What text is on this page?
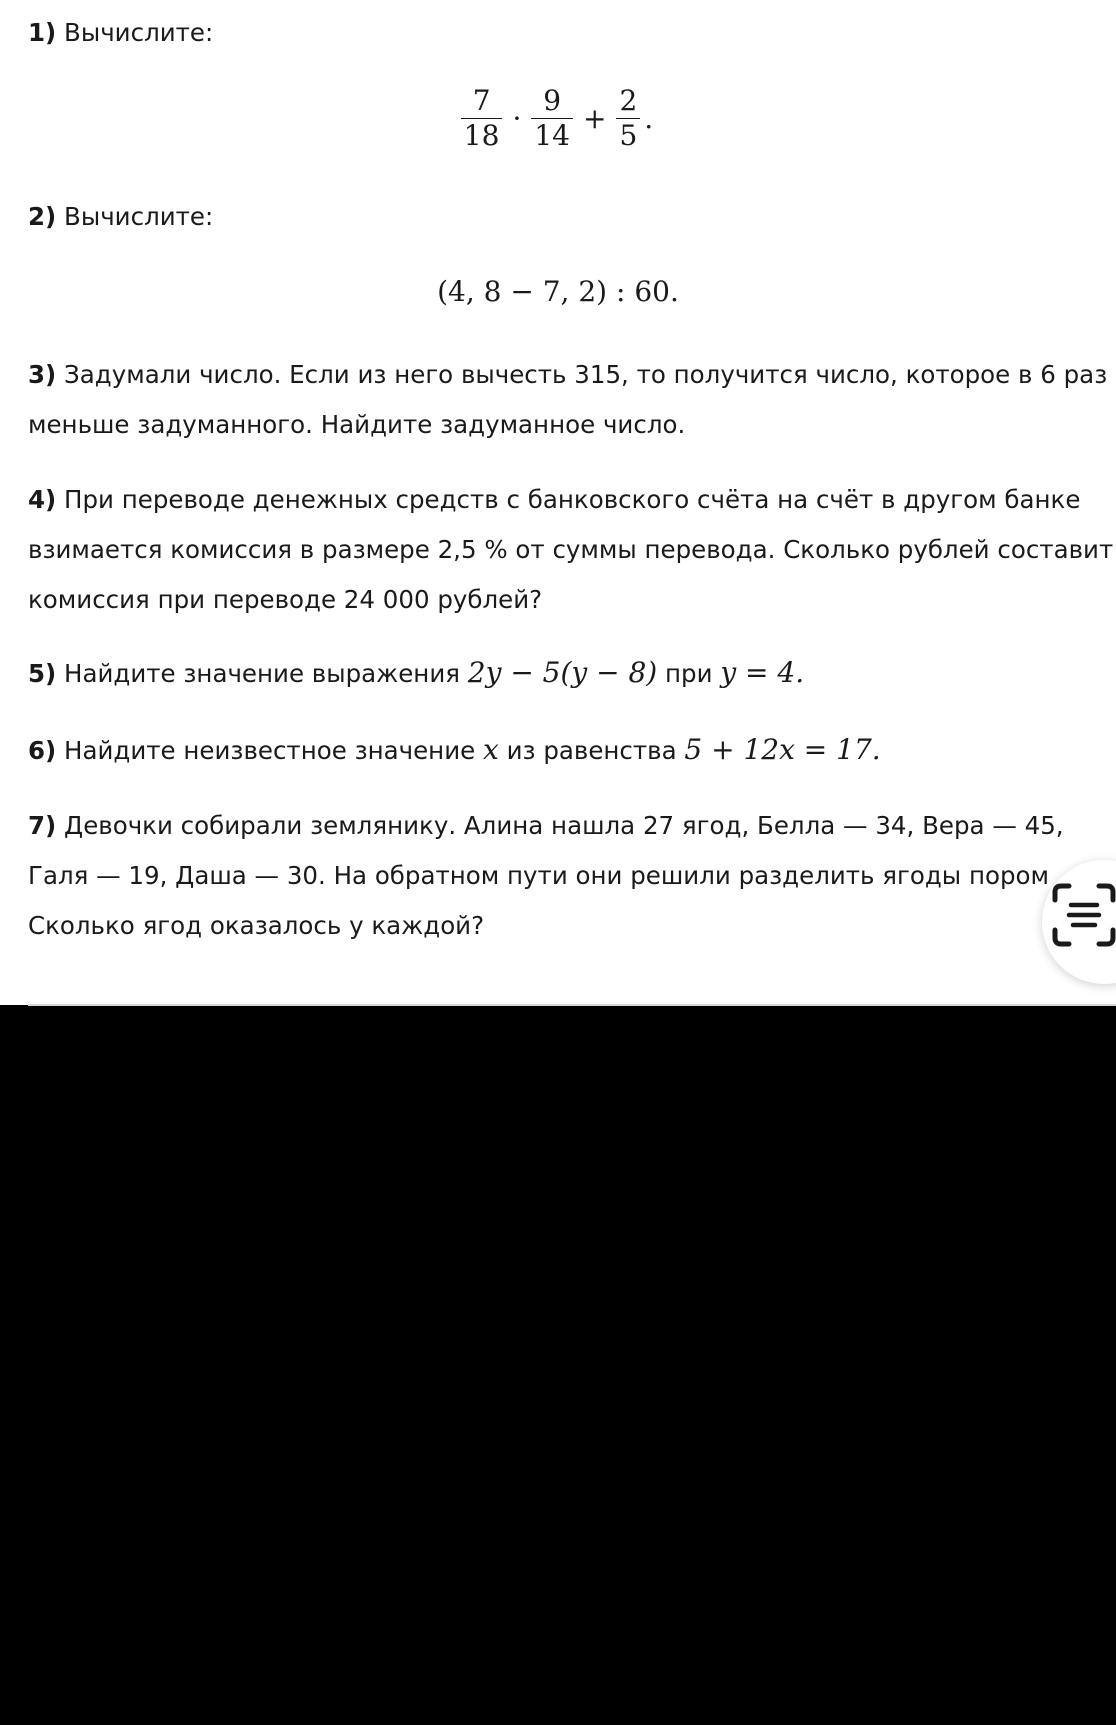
1) Вычислите:
$\frac{7}{18} \cdot \frac{9}{14} + \frac{2}{5}$ .
2) Вычислите:
(4, 8 − 7, 2) : 60.
3) Задумали число. Если из него вычесть 315, то получится число, которое в 6 раз
меньше задуманного. Найдите задуманное число.
4) При переводе денежных средств с банковского счёта на счёт в другом банке
взимается комиссия в размере 2,5 % от суммы перевода. Сколько рублей составит
комиссия при переводе 24 000 рублей?
5) Найдите значение выражения 2y − 5(y − 8) при y = 4.
6) Найдите неизвестное значение x из равенства 5 + 12x = 17.
7) Девочки собирали землянику. Алина нашла 27 ягод, Белла — 34, Вера — 45,
Галя — 19, Даша — 30. На обратном пути они решили разделить ягоды пором
Сколько ягод оказалось у каждой?
